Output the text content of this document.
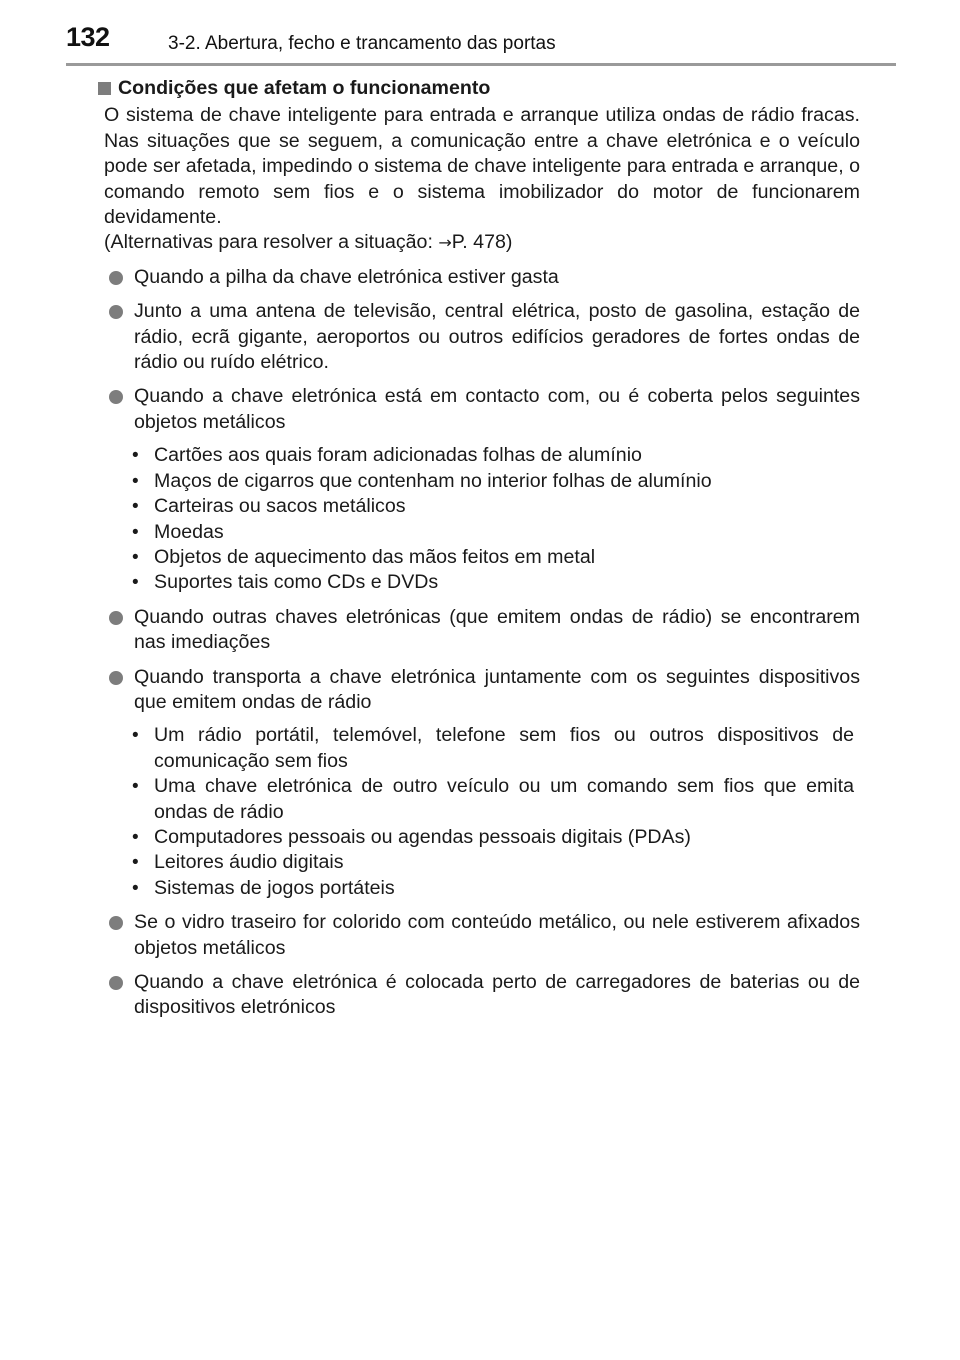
132	3-2. Abertura, fecho e trancamento das portas
Condições que afetam o funcionamento
O sistema de chave inteligente para entrada e arranque utiliza ondas de rádio fracas. Nas situações que se seguem, a comunicação entre a chave eletrónica e o veículo pode ser afetada, impedindo o sistema de chave inteligente para entrada e arranque, o comando remoto sem fios e o sistema imobilizador do motor de funcionarem devidamente.
(Alternativas para resolver a situação: →P. 478)
Quando a pilha da chave eletrónica estiver gasta
Junto a uma antena de televisão, central elétrica, posto de gasolina, estação de rádio, ecrã gigante, aeroportos ou outros edifícios geradores de fortes ondas de rádio ou ruído elétrico.
Quando a chave eletrónica está em contacto com, ou é coberta pelos seguintes objetos metálicos
• Cartões aos quais foram adicionadas folhas de alumínio
• Maços de cigarros que contenham no interior folhas de alumínio
• Carteiras ou sacos metálicos
• Moedas
• Objetos de aquecimento das mãos feitos em metal
• Suportes tais como CDs e DVDs
Quando outras chaves eletrónicas (que emitem ondas de rádio) se encontrarem nas imediações
Quando transporta a chave eletrónica juntamente com os seguintes dispositivos que emitem ondas de rádio
• Um rádio portátil, telemóvel, telefone sem fios ou outros dispositivos de comunicação sem fios
• Uma chave eletrónica de outro veículo ou um comando sem fios que emita ondas de rádio
• Computadores pessoais ou agendas pessoais digitais (PDAs)
• Leitores áudio digitais
• Sistemas de jogos portáteis
Se o vidro traseiro for colorido com conteúdo metálico, ou nele estiverem afixados objetos metálicos
Quando a chave eletrónica é colocada perto de carregadores de baterias ou de dispositivos eletrónicos
